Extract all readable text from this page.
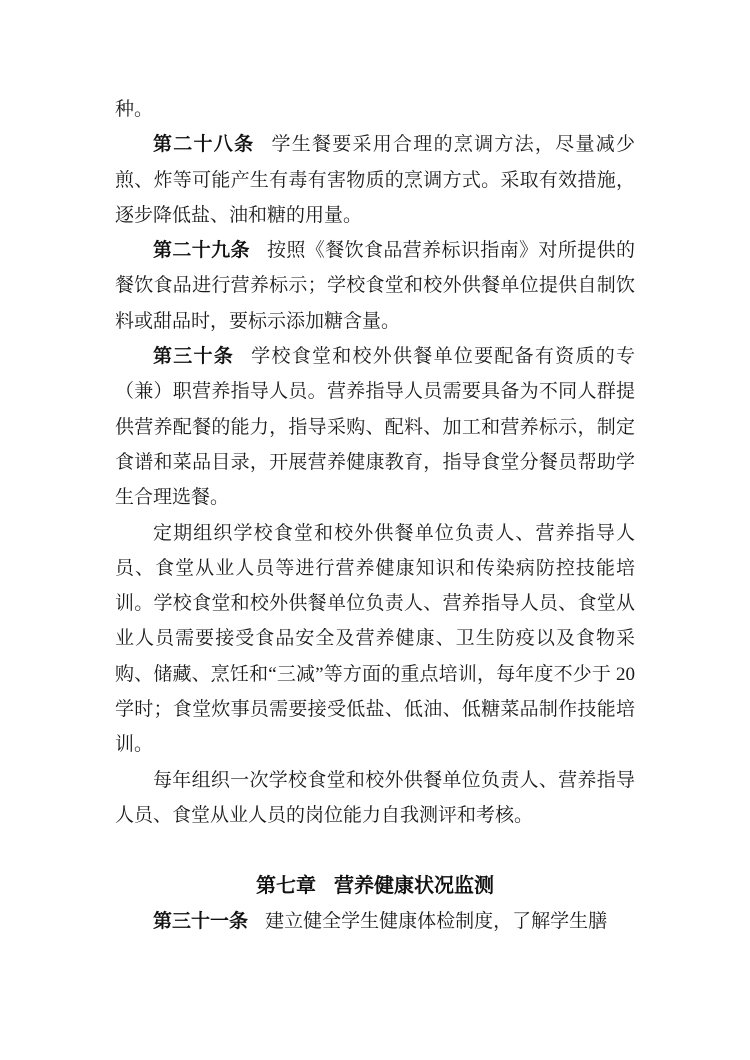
种。

第二十八条 学生餐要采用合理的烹调方法，尽量减少煎、炸等可能产生有毒有害物质的烹调方式。采取有效措施，逐步降低盐、油和糖的用量。

第二十九条 按照《餐饮食品营养标识指南》对所提供的餐饮食品进行营养标示；学校食堂和校外供餐单位提供自制饮料或甜品时，要标示添加糖含量。

第三十条 学校食堂和校外供餐单位要配备有资质的专（兼）职营养指导人员。营养指导人员需要具备为不同人群提供营养配餐的能力，指导采购、配料、加工和营养标示，制定食谱和菜品目录，开展营养健康教育，指导食堂分餐员帮助学生合理选餐。

定期组织学校食堂和校外供餐单位负责人、营养指导人员、食堂从业人员等进行营养健康知识和传染病防控技能培训。学校食堂和校外供餐单位负责人、营养指导人员、食堂从业人员需要接受食品安全及营养健康、卫生防疫以及食物采购、储藏、烹饪和“三减”等方面的重点培训，每年度不少于 20 学时；食堂炊事员需要接受低盐、低油、低糖菜品制作技能培训。

每年组织一次学校食堂和校外供餐单位负责人、营养指导人员、食堂从业人员的岗位能力自我测评和考核。

第七章 营养健康状况监测

第三十一条 建立健全学生健康体检制度，了解学生膳
